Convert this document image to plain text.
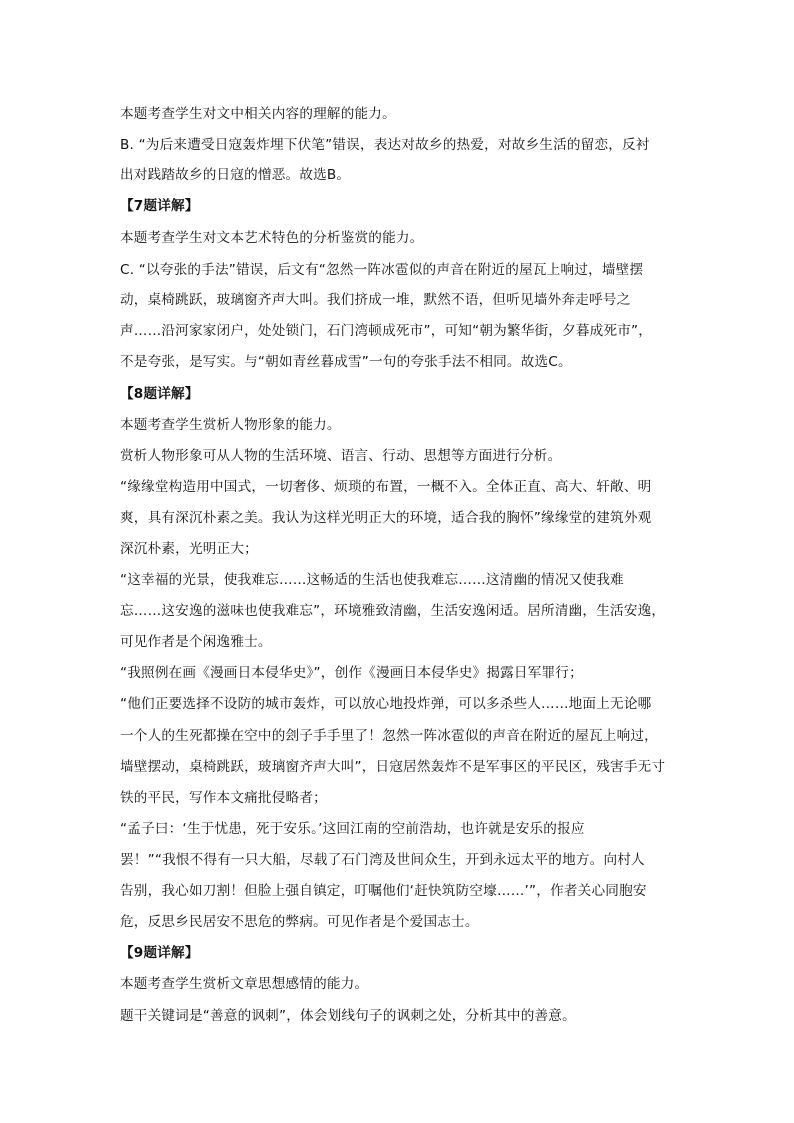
本题考查学生对文中相关内容的理解的能力。
B. “为后来遭受日寇轰炸埋下伏笔”错误，表达对故乡的热爱，对故乡生活的留恋，反衬
出对践踏故乡的日寇的憎恶。故选B。
【7题详解】
本题考查学生对文本艺术特色的分析鉴赏的能力。
C. “以夸张的手法”错误，后文有“忽然一阵冰雹似的声音在附近的屋瓦上响过，墙壁摆
动，桌椅跳跃，玻璃窗齐声大叫。我们挤成一堆，默然不语，但听见墙外奔走呼号之
声……沿河家家闭户，处处锁门，石门湾顿成死市”，可知“朝为繁华街，夕暮成死市”，
不是夸张，是写实。与“朝如青丝暮成雪”一句的夸张手法不相同。故选C。
【8题详解】
本题考查学生赏析人物形象的能力。
赏析人物形象可从人物的生活环境、语言、行动、思想等方面进行分析。
“缘缘堂构造用中国式，一切奢侈、烦琐的布置，一概不入。全体正直、高大、轩敞、明
爽，具有深沉朴素之美。我认为这样光明正大的环境，适合我的胸怀”缘缘堂的建筑外观
深沉朴素，光明正大；
“这幸福的光景，使我难忘……这畅适的生活也使我难忘……这清幽的情况又使我难
忘……这安逸的滋味也使我难忘”，环境雅致清幽，生活安逸闲适。居所清幽，生活安逸，
可见作者是个闲逸雅士。
“我照例在画《漫画日本侵华史》”，创作《漫画日本侵华史》揭露日军罪行；
“他们正要选择不设防的城市轰炸，可以放心地投炸弹，可以多杀些人……地面上无论哪
一个人的生死都操在空中的刽子手手里了！忽然一阵冰雹似的声音在附近的屋瓦上响过，
墙壁摆动，桌椅跳跃，玻璃窗齐声大叫”，日寇居然轰炸不是军事区的平民区，残害手无寸
铁的平民，写作本文痛批侵略者；
“孟子曰：‘生于忧患，死于安乐。’这回江南的空前浩劫，也许就是安乐的报应
罢！”“我恨不得有一只大船，尽载了石门湾及世间众生，开到永远太平的地方。向村人
告别，我心如刀割！但脸上强自镇定，叮嘱他们‘赶快筑防空壕……’”，作者关心同胞安
危，反思乡民居安不思危的弊病。可见作者是个爱国志士。
【9题详解】
本题考查学生赏析文章思想感情的能力。
题干关键词是“善意的讽刺”，体会划线句子的讽刺之处，分析其中的善意。
